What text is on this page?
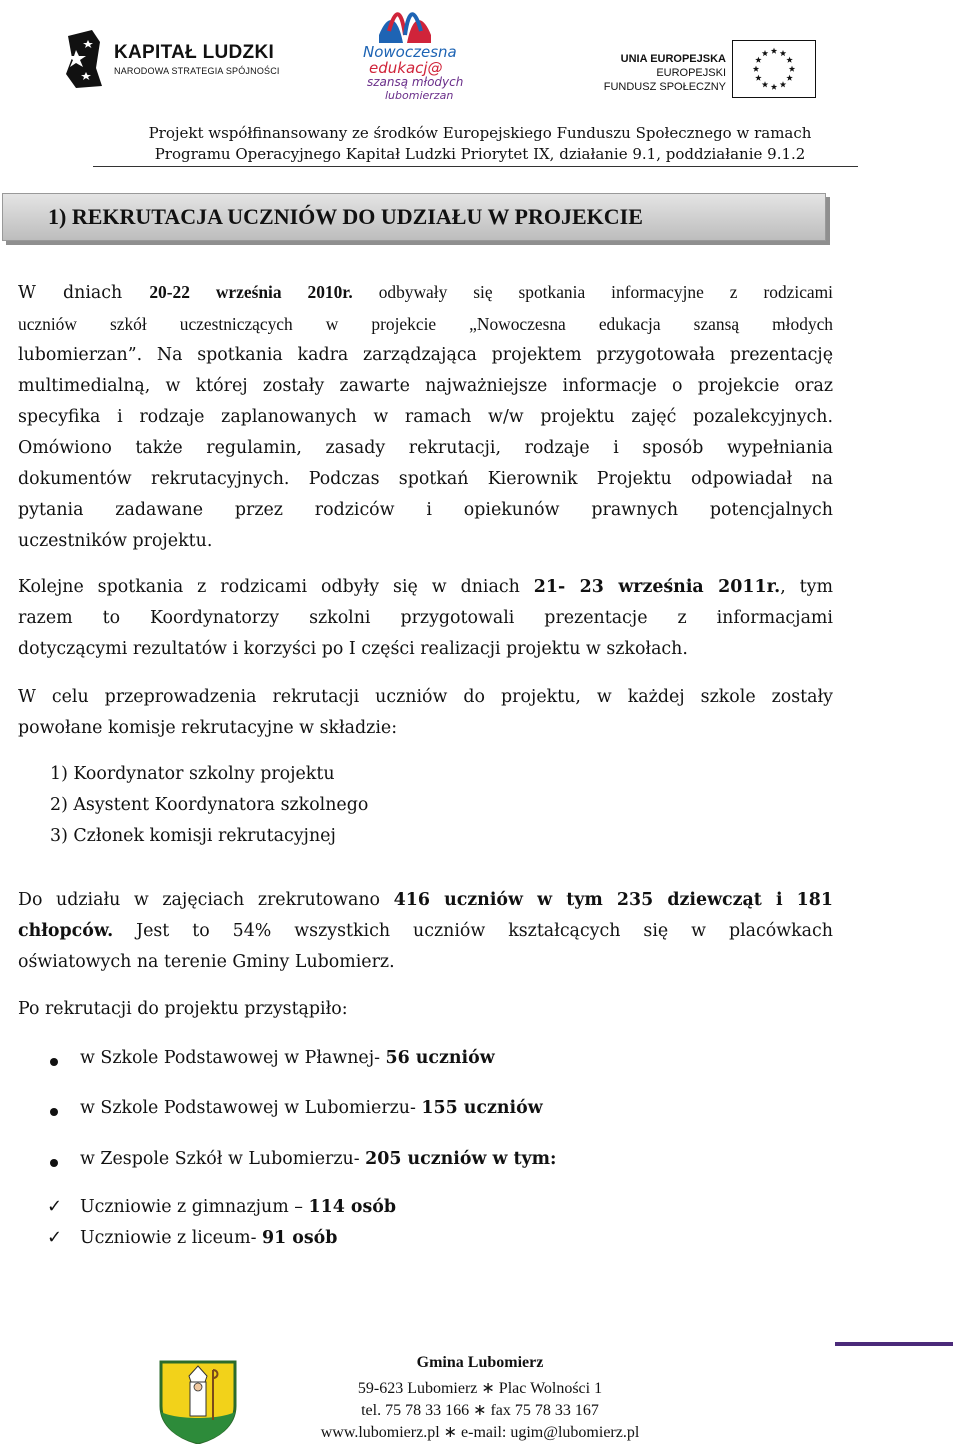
KAPITAŁ LUDZKI
NARODOWA STRATEGIA SPÓJNOŚCI
Nowoczesna
edukacj@
szansą młodych
lubomierzan
UNIA EUROPEJSKA
EUROPEJSKI
FUNDUSZ SPOŁECZNY
Projekt współfinansowany ze środków Europejskiego Funduszu Społecznego w ramach
Programu Operacyjnego Kapitał Ludzki Priorytet IX, działanie 9.1, poddziałanie 9.1.2
1) REKRUTACJA UCZNIÓW DO UDZIAŁU W PROJEKCIE
W dniach 20-22 września 2010r. odbywały się spotkania informacyjne z rodzicami
uczniów szkół uczestniczących w projekcie „Nowoczesna edukacja szansą młodych
lubomierzan”. Na spotkania kadra zarządzająca projektem przygotowała prezentację
multimedialną, w której zostały zawarte najważniejsze informacje o projekcie oraz
specyfika i rodzaje zaplanowanych w ramach w/w projektu zajęć pozalekcyjnych.
Omówiono także regulamin, zasady rekrutacji, rodzaje i sposób wypełniania
dokumentów rekrutacyjnych. Podczas spotkań Kierownik Projektu odpowiadał na
pytania zadawane przez rodziców i opiekunów prawnych potencjalnych
uczestników projektu.
Kolejne spotkania z rodzicami odbyły się w dniach 21- 23 września 2011r., tym
razem to Koordynatorzy szkolni przygotowali prezentacje z informacjami
dotyczącymi rezultatów i korzyści po I części realizacji projektu w szkołach.
W celu przeprowadzenia rekrutacji uczniów do projektu, w każdej szkole zostały
powołane komisje rekrutacyjne w składzie:
1) Koordynator szkolny projektu
2) Asystent Koordynatora szkolnego
3) Członek komisji rekrutacyjnej
Do udziału w zajęciach zrekrutowano 416 uczniów w tym 235 dziewcząt i 181
chłopców. Jest to 54% wszystkich uczniów kształcących się w placówkach
oświatowych na terenie Gminy Lubomierz.
Po rekrutacji do projektu przystąpiło:
w Szkole Podstawowej w Pławnej- 56 uczniów
w Szkole Podstawowej w Lubomierzu- 155 uczniów
w Zespole Szkół w Lubomierzu- 205 uczniów w tym:
✓ Uczniowie z gimnazjum – 114 osób
✓ Uczniowie z liceum- 91 osób
Gmina Lubomierz
59-623 Lubomierz ∗ Plac Wolności 1
tel. 75 78 33 166 ∗ fax 75 78 33 167
www.lubomierz.pl ∗ e-mail: ugim@lubomierz.pl
